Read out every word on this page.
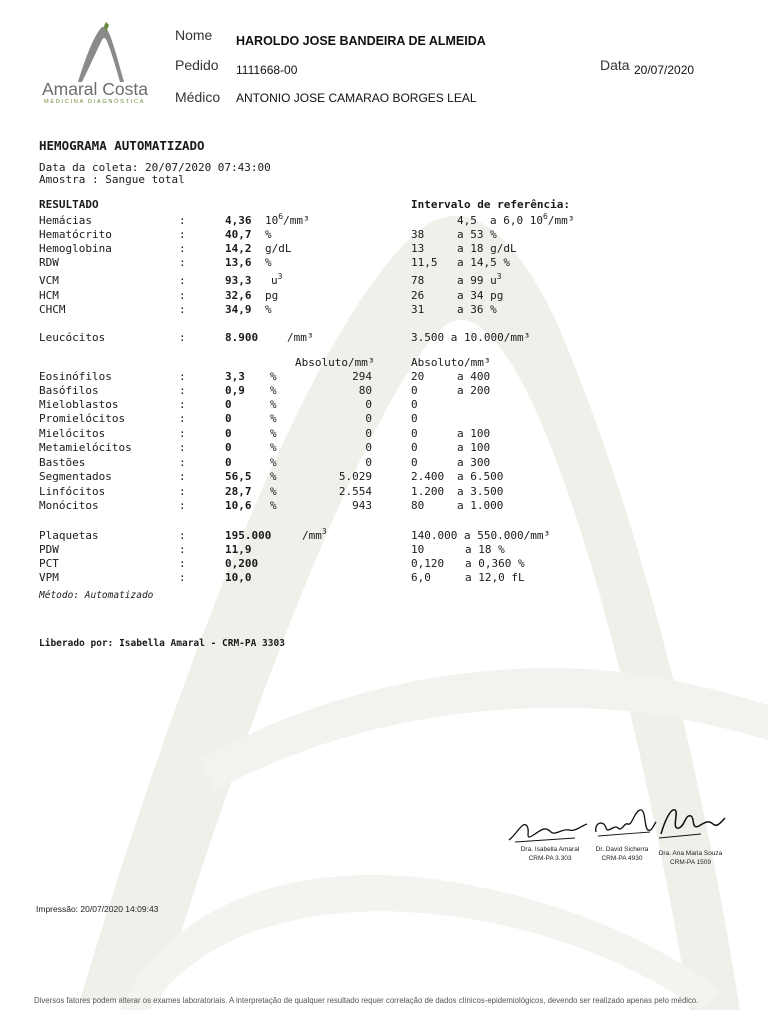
Amaral Costa
MEDICINA DIAGNÓSTICA
Nome HAROLDO JOSE BANDEIRA DE ALMEIDA
Pedido 1111668-00
Médico ANTONIO JOSE CAMARAO BORGES LEAL
Data 20/07/2020
HEMOGRAMA AUTOMATIZADO
Data da coleta: 20/07/2020 07:43:00
Amostra : Sangue total
RESULTADO	Intervalo de referência:
Hemácias	:	4,36 $10^6$/mm³	4,5 a 6,0 $10^6$/mm³
Hematócrito	:	40,7 %	38	a 53 %
Hemoglobina	:	14,2 g/dL	13	a 18 g/dL
RDW	:	13,6 %	11,5 a 14,5 %
VCM	:	93,3 $u^3$	78	a 99 $u^3$
HCM	:	32,6 pg	26	a 34 pg
CHCM	:	34,9 %	31	a 36 %
Leucócitos	:	8.900	/mm³	3.500 a 10.000/mm³
Absoluto/mm³	Absoluto/mm³
Eosinófilos	:	3,3 %	294	20	a 400
Basófilos	:	0,9 %	80	0	a 200
Mieloblastos	:	0	%	0	0
Promielócitos	:	0	%	0	0
Mielócitos	:	0	%	0	0	a 100
Metamielócitos	:	0	%	0	0	a 100
Bastões	:	0	%	0	0	a 300
Segmentados	:	56,5 %	5.029	2.400 a 6.500
Linfócitos	:	28,7 %	2.554	1.200 a 3.500
Monócitos	:	10,6 %	943	80	a 1.000
Plaquetas	:	195.000	$/mm^3$	140.000 a 550.000/mm³
PDW	:	11,9	10	a 18 %
PCT	:	0,200	0,120 a 0,360 %
VPM	:	10,0	6,0	a 12,0 fL
Método: Automatizado
Liberado por: Isabella Amaral - CRM-PA 3303
Dra. Isabella Amaral
CRM-PA 3.303
Dr. David Sicherra
CRM-PA 4930
Dra. Ana Maria Souza
CRM-PA 1509
Impressão: 20/07/2020 14:09:43
Diversos fatores podem alterar os exames laboratoriais. A interpretação de qualquer resultado requer correlação de dados clínicos-epidemiológicos, devendo ser realizado apenas pelo médico.
